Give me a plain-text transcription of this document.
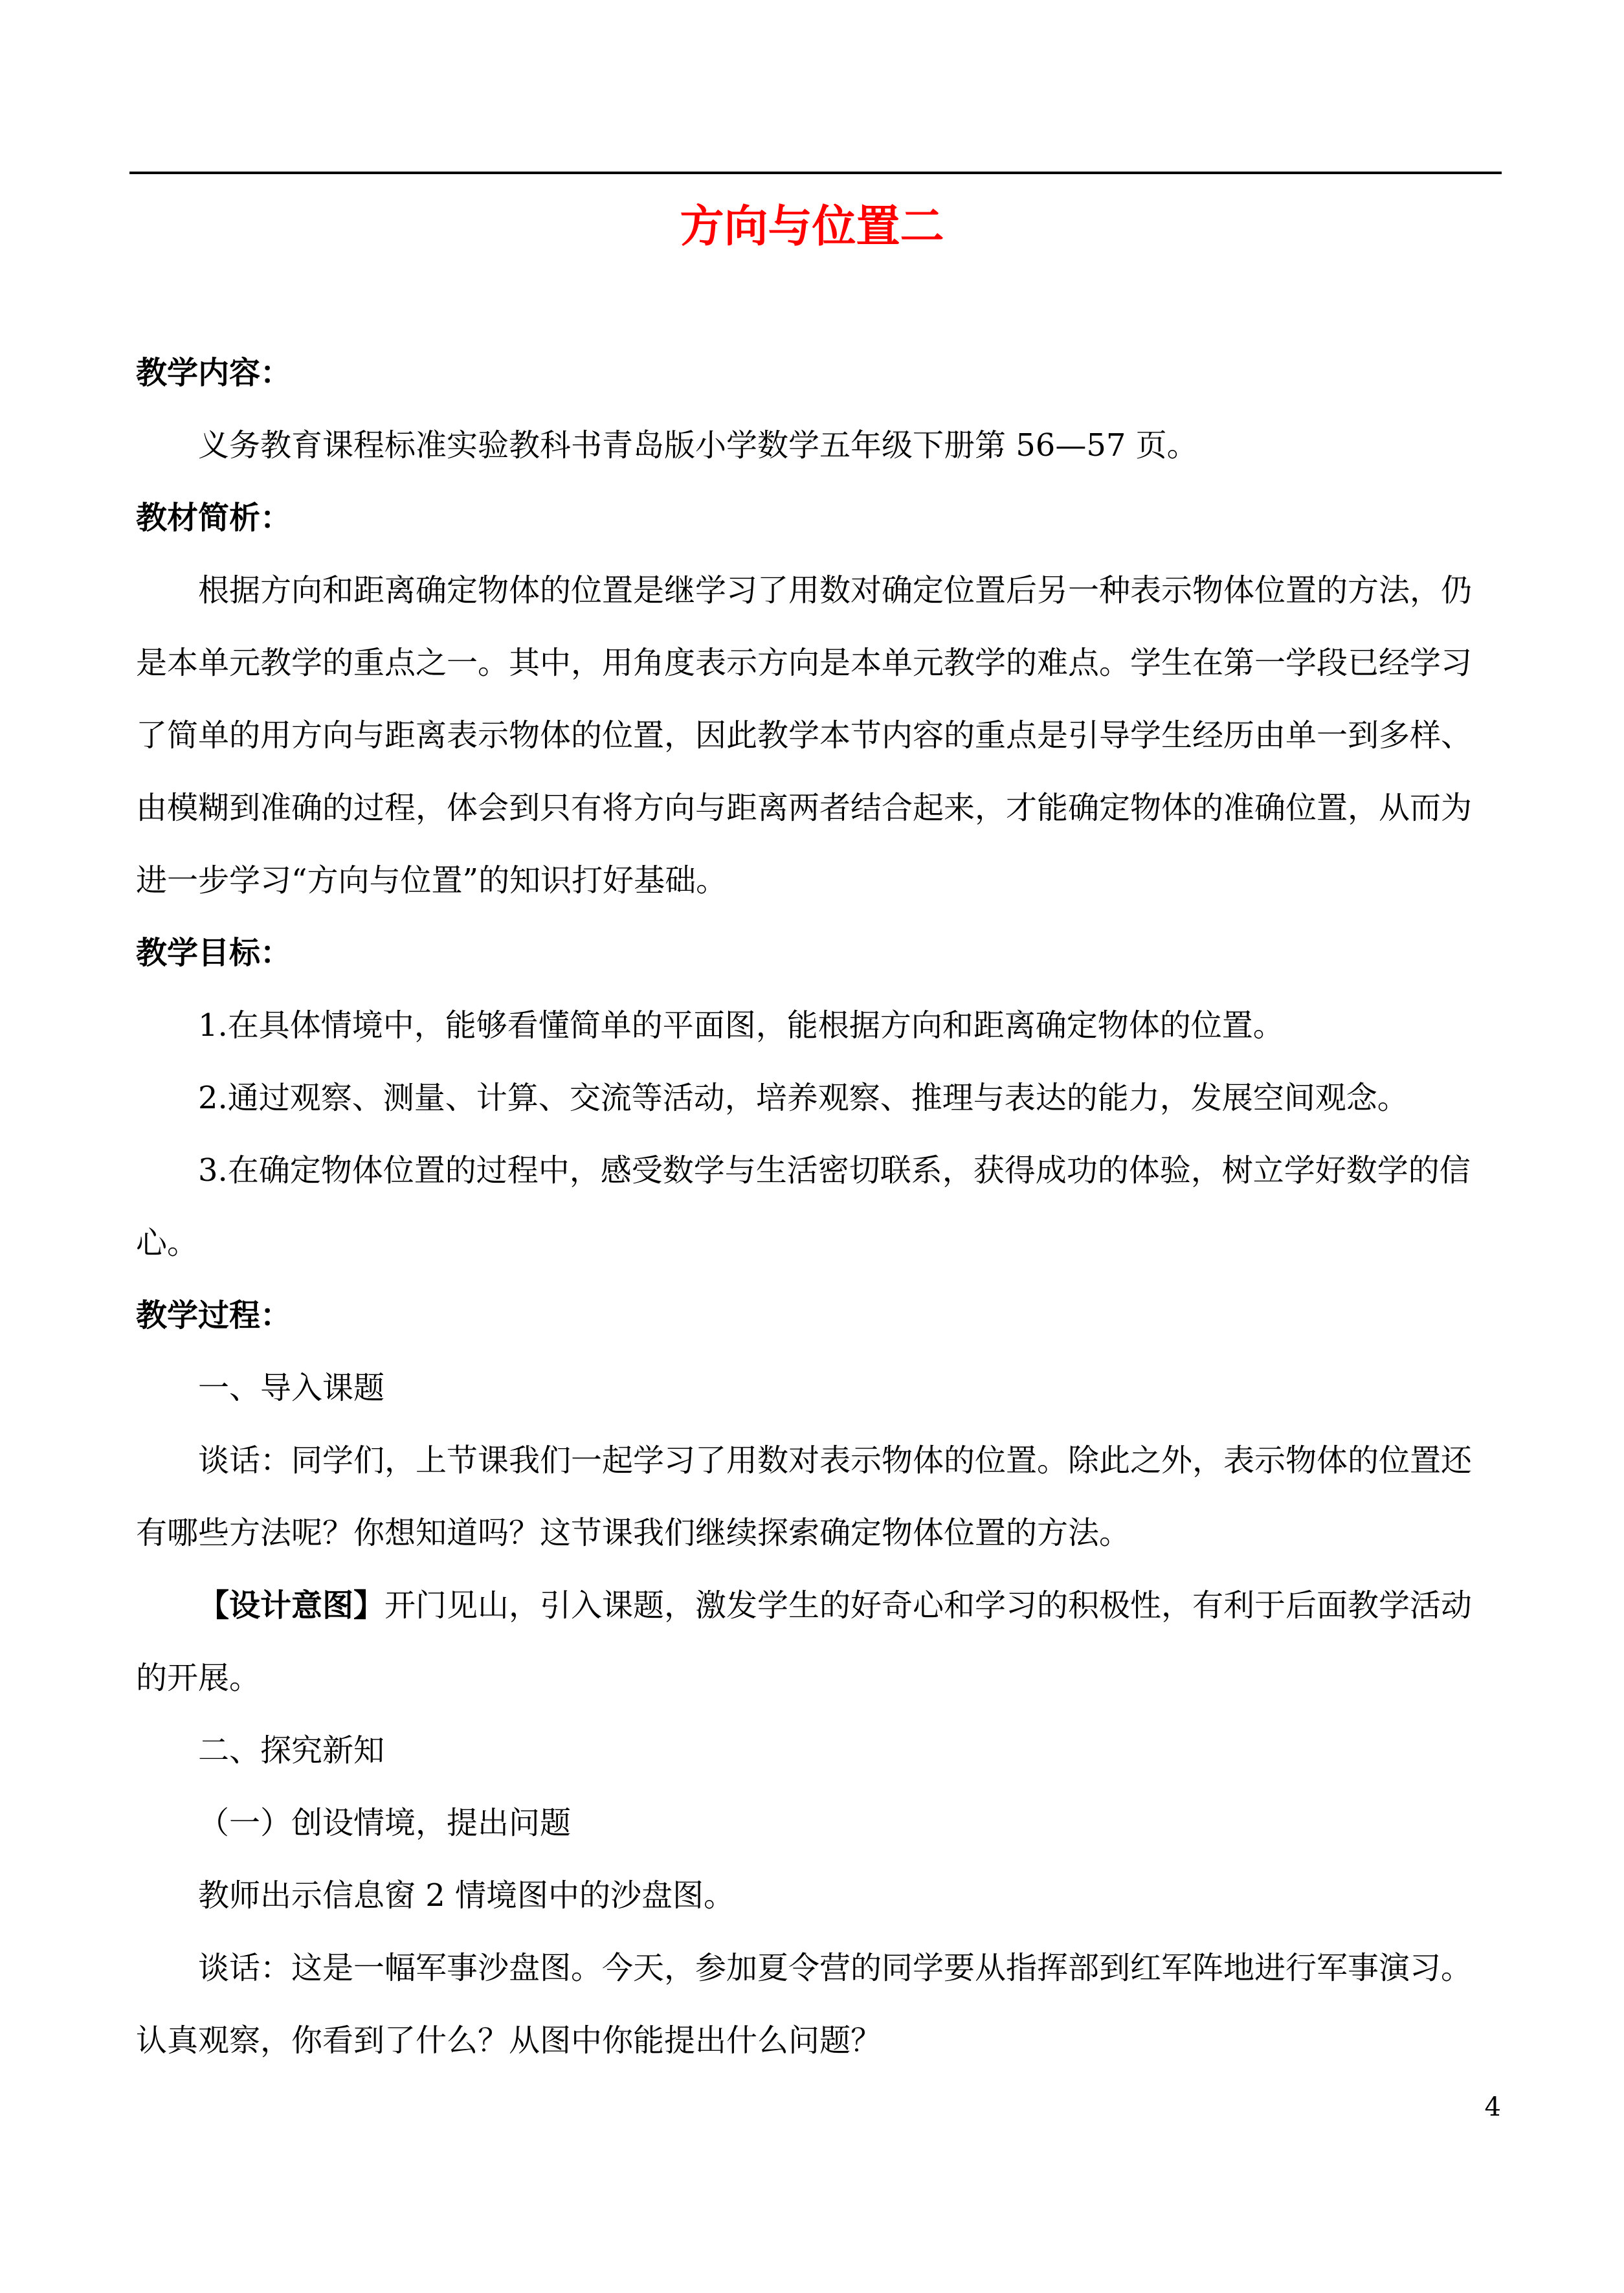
方向与位置二

教学内容：

义务教育课程标准实验教科书青岛版小学数学五年级下册第 56—57 页。

教材简析：

根据方向和距离确定物体的位置是继学习了用数对确定位置后另一种表示物体位置的方法，仍是本单元教学的重点之一。其中，用角度表示方向是本单元教学的难点。学生在第一学段已经学习了简单的用方向与距离表示物体的位置，因此教学本节内容的重点是引导学生经历由单一到多样、由模糊到准确的过程，体会到只有将方向与距离两者结合起来，才能确定物体的准确位置，从而为进一步学习“方向与位置”的知识打好基础。

教学目标：

1.在具体情境中，能够看懂简单的平面图，能根据方向和距离确定物体的位置。

2.通过观察、测量、计算、交流等活动，培养观察、推理与表达的能力，发展空间观念。

3.在确定物体位置的过程中，感受数学与生活密切联系，获得成功的体验，树立学好数学的信心。

教学过程：

一、导入课题

谈话：同学们，上节课我们一起学习了用数对表示物体的位置。除此之外，表示物体的位置还有哪些方法呢？你想知道吗？这节课我们继续探索确定物体位置的方法。

【设计意图】开门见山，引入课题，激发学生的好奇心和学习的积极性，有利于后面教学活动的开展。

二、探究新知

（一）创设情境，提出问题

教师出示信息窗 2 情境图中的沙盘图。

谈话：这是一幅军事沙盘图。今天，参加夏令营的同学要从指挥部到红军阵地进行军事演习。认真观察，你看到了什么？从图中你能提出什么问题？

4
